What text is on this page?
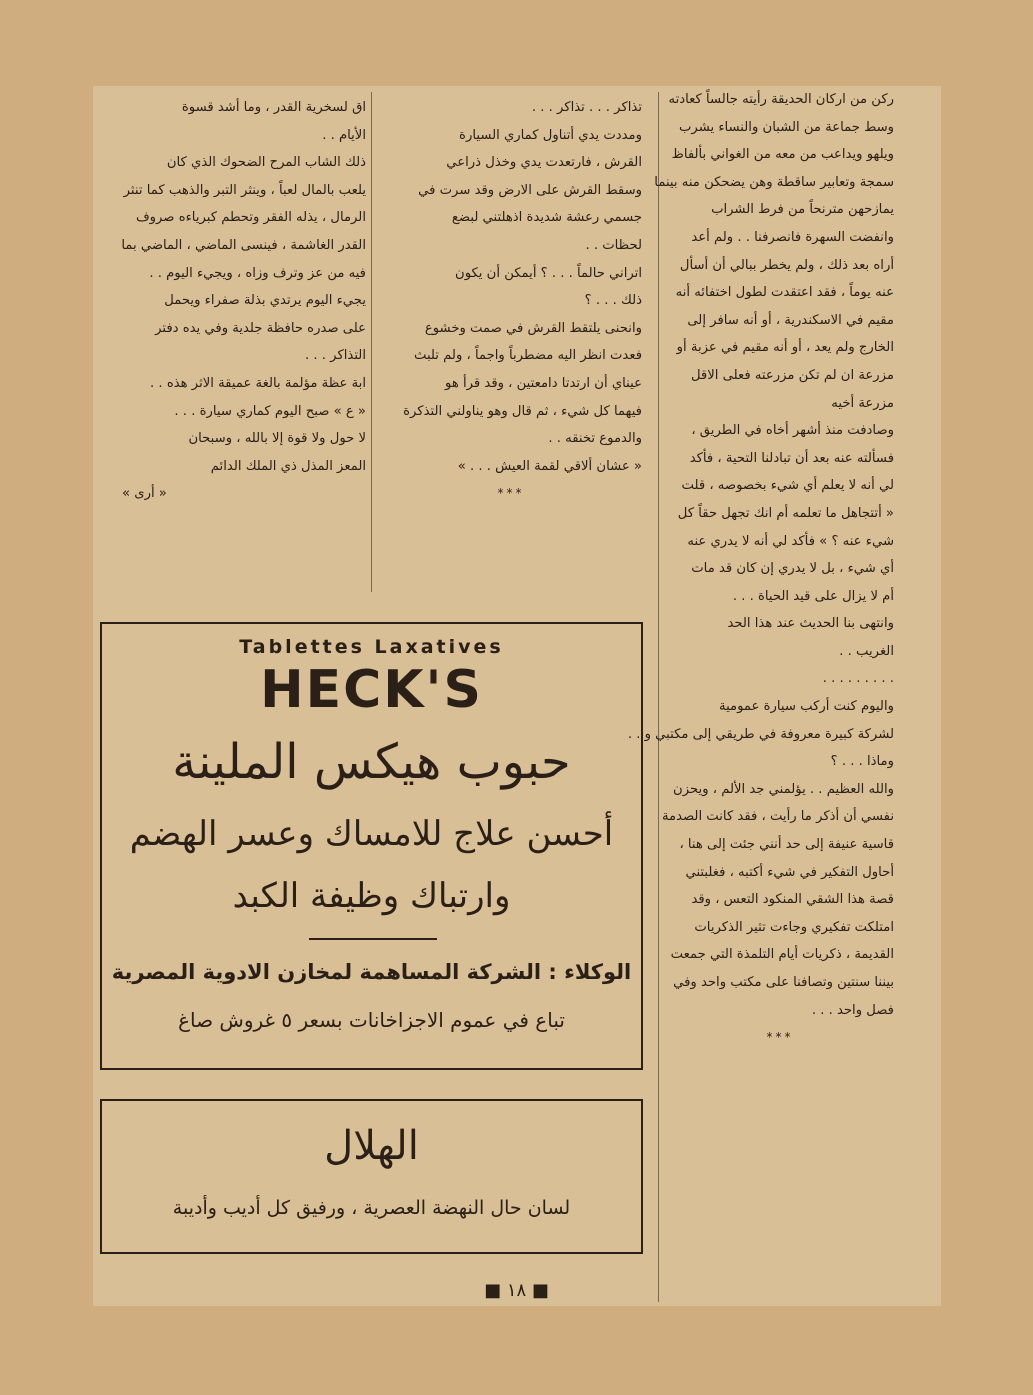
ركن من اركان الحديقة رأيته جالساً كعادته
وسط جماعة من الشبان والنساء يشرب
ويلهو ويداعب من معه من الغواني بألفاظ
سمجة وتعابير ساقطة وهن يضحكن منه بينما
يمازحهن مترنحاً من فرط الشراب
وانفضت السهرة فانصرفنا . . ولم أعد
أراه بعد ذلك ، ولم يخطر ببالي أن أسأل
عنه يوماً ، فقد اعتقدت لطول اختفائه أنه
مقيم في الاسكندرية ، أو أنه سافر إلى
الخارج ولم يعد ، أو أنه مقيم في عزبة أو
مزرعة ان لم تكن مزرعته فعلى الاقل
مزرعة أخيه
وصادفت منذ أشهر أخاه في الطريق ،
فسألته عنه بعد أن تبادلنا التحية ، فأكد
لي أنه لا يعلم أي شيء بخصوصه ، قلت
« أتتجاهل ما تعلمه أم انك تجهل حقاً كل
شيء عنه ؟ » فأكد لي أنه لا يدري عنه
أي شيء ، بل لا يدري إن كان قد مات
أم لا يزال على قيد الحياة . . .
وانتهى بنا الحديث عند هذا الحد
الغريب . .
. . . . . . . . .
واليوم كنت أركب سيارة عمومية
لشركة كبيرة معروفة في طريقي إلى مكتبي و . .
وماذا . . . ؟
والله العظيم . . يؤلمني جد الألم ، ويحزن
نفسي أن أذكر ما رأيت ، فقد كانت الصدمة
قاسية عنيفة إلى حد أنني جئت إلى هنا ،
أحاول التفكير في شيء أكتبه ، فغلبتني
قصة هذا الشقي المنكود التعس ، وقد
امتلكت تفكيري وجاءت تثير الذكريات
القديمة ، ذكريات أيام التلمذة التي جمعت
بيننا سنتين وتصافنا على مكتب واحد وفي
فصل واحد . . .
***
تذاكر . . . تذاكر . . .
ومددت يدي أتناول كماري السيارة
القرش ، فارتعدت يدي وخذل ذراعي
وسقط القرش على الارض وقد سرت في
جسمي رعشة شديدة اذهلتني لبضع
لحظات . .
اتراني حالماً . . . ؟ أيمكن أن يكون
ذلك . . . ؟
وانحنى يلتقط القرش في صمت وخشوع
فعدت انظر اليه مضطرباً واجماً ، ولم تلبث
عيناي أن ارتدتا دامعتين ، وقد قرأ هو
فيهما كل شيء ، ثم قال وهو يناولني التذكرة
والدموع تخنقه . .
« عشان ألاقي لقمة العيش . . . »
***
اق لسخرية القدر ، وما أشد قسوة
الأيام . .
ذلك الشاب المرح الضحوك الذي كان
يلعب بالمال لعباً ، وينثر التبر والذهب كما تنثر
الرمال ، يذله الفقر وتحطم كبرياءه صروف
القدر الغاشمة ، فينسى الماضي ، الماضي بما
فيه من عز وترف وزاه ، ويجيء اليوم . .
يجيء اليوم يرتدي بذلة صفراء ويحمل
على صدره حافظة جلدية وفي يده دفتر
التذاكر . . .
ابة عظة مؤلمة بالغة عميقة الاثر هذه . .
« ع » صبح اليوم كماري سيارة . . .
لا حول ولا قوة إلا بالله ، وسبحان
المعز المذل ذي الملك الدائم
« أرى »
Tablettes Laxatives
HECK'S
حبوب هيكس الملينة
أحسن علاج للامساك وعسر الهضم
وارتباك وظيفة الكبد
الوكلاء : الشركة المساهمة لمخازن الادوية المصرية
تباع في عموم الاجزاخانات بسعر ٥ غروش صاغ
الهلال
لسان حال النهضة العصرية ، ورفيق كل أديب وأديبة
■ ١٨ ■
